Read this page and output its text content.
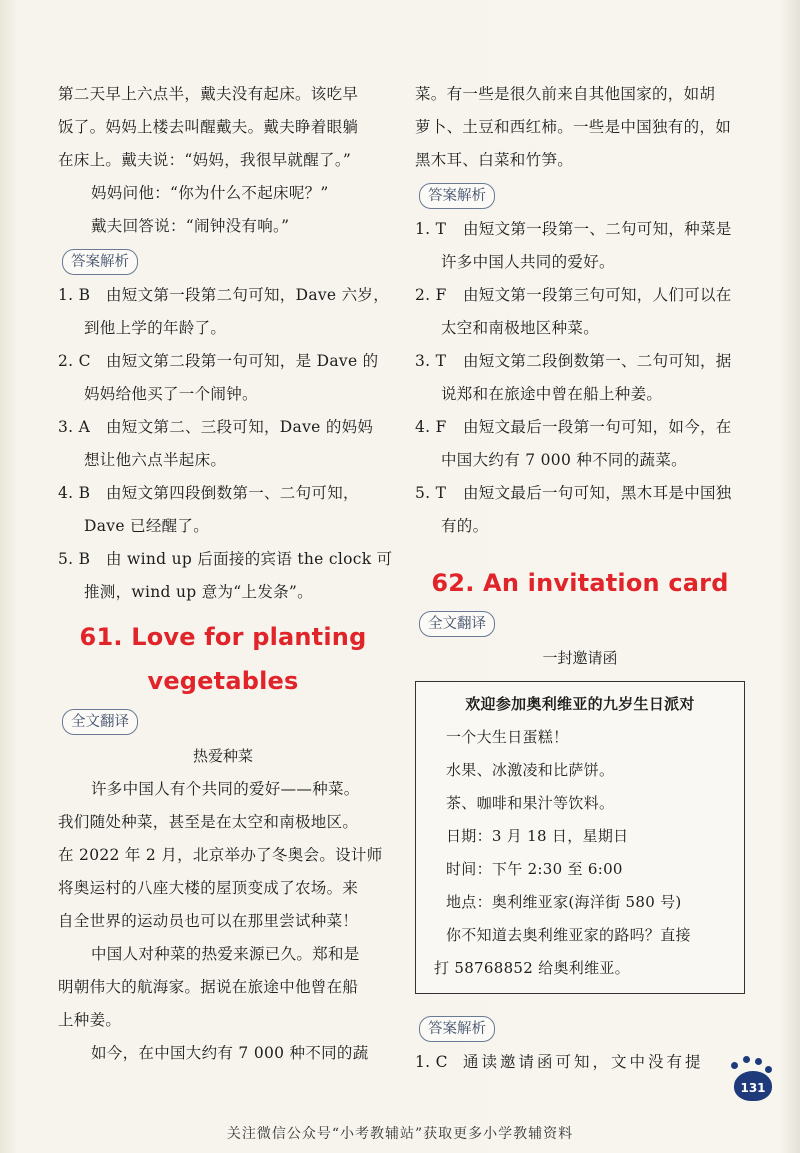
第二天早上六点半，戴夫没有起床。该吃早
饭了。妈妈上楼去叫醒戴夫。戴夫睁着眼躺
在床上。戴夫说：“妈妈，我很早就醒了。”
妈妈问他：“你为什么不起床呢？”
戴夫回答说：“闹钟没有响。”
答案解析
1. B 由短文第一段第二句可知，Dave 六岁，
到他上学的年龄了。
2. C 由短文第二段第一句可知，是 Dave 的
妈妈给他买了一个闹钟。
3. A 由短文第二、三段可知，Dave 的妈妈
想让他六点半起床。
4. B 由短文第四段倒数第一、二句可知，
Dave 已经醒了。
5. B 由 wind up 后面接的宾语 the clock 可
推测，wind up 意为“上发条”。
61. Love for planting
vegetables
全文翻译
热爱种菜
许多中国人有个共同的爱好——种菜。
我们随处种菜，甚至是在太空和南极地区。
在 2022 年 2 月，北京举办了冬奥会。设计师
将奥运村的八座大楼的屋顶变成了农场。来
自全世界的运动员也可以在那里尝试种菜！
中国人对种菜的热爱来源已久。郑和是
明朝伟大的航海家。据说在旅途中他曾在船
上种姜。
如今，在中国大约有 7 000 种不同的蔬
菜。有一些是很久前来自其他国家的，如胡
萝卜、土豆和西红柿。一些是中国独有的，如
黑木耳、白菜和竹笋。
答案解析
1. T 由短文第一段第一、二句可知，种菜是
许多中国人共同的爱好。
2. F 由短文第一段第三句可知，人们可以在
太空和南极地区种菜。
3. T 由短文第二段倒数第一、二句可知，据
说郑和在旅途中曾在船上种姜。
4. F 由短文最后一段第一句可知，如今，在
中国大约有 7 000 种不同的蔬菜。
5. T 由短文最后一句可知，黑木耳是中国独
有的。
62. An invitation card
全文翻译
一封邀请函
欢迎参加奥利维亚的九岁生日派对
一个大生日蛋糕！
水果、冰激凌和比萨饼。
茶、咖啡和果汁等饮料。
日期：3 月 18 日，星期日
时间：下午 2:30 至 6:00
地点：奥利维亚家(海洋街 580 号)
你不知道去奥利维亚家的路吗？直接
打 58768852 给奥利维亚。
答案解析
1. C 通读邀请函可知，文中没有提
131
关注微信公众号“小考教辅站”获取更多小学教辅资料
